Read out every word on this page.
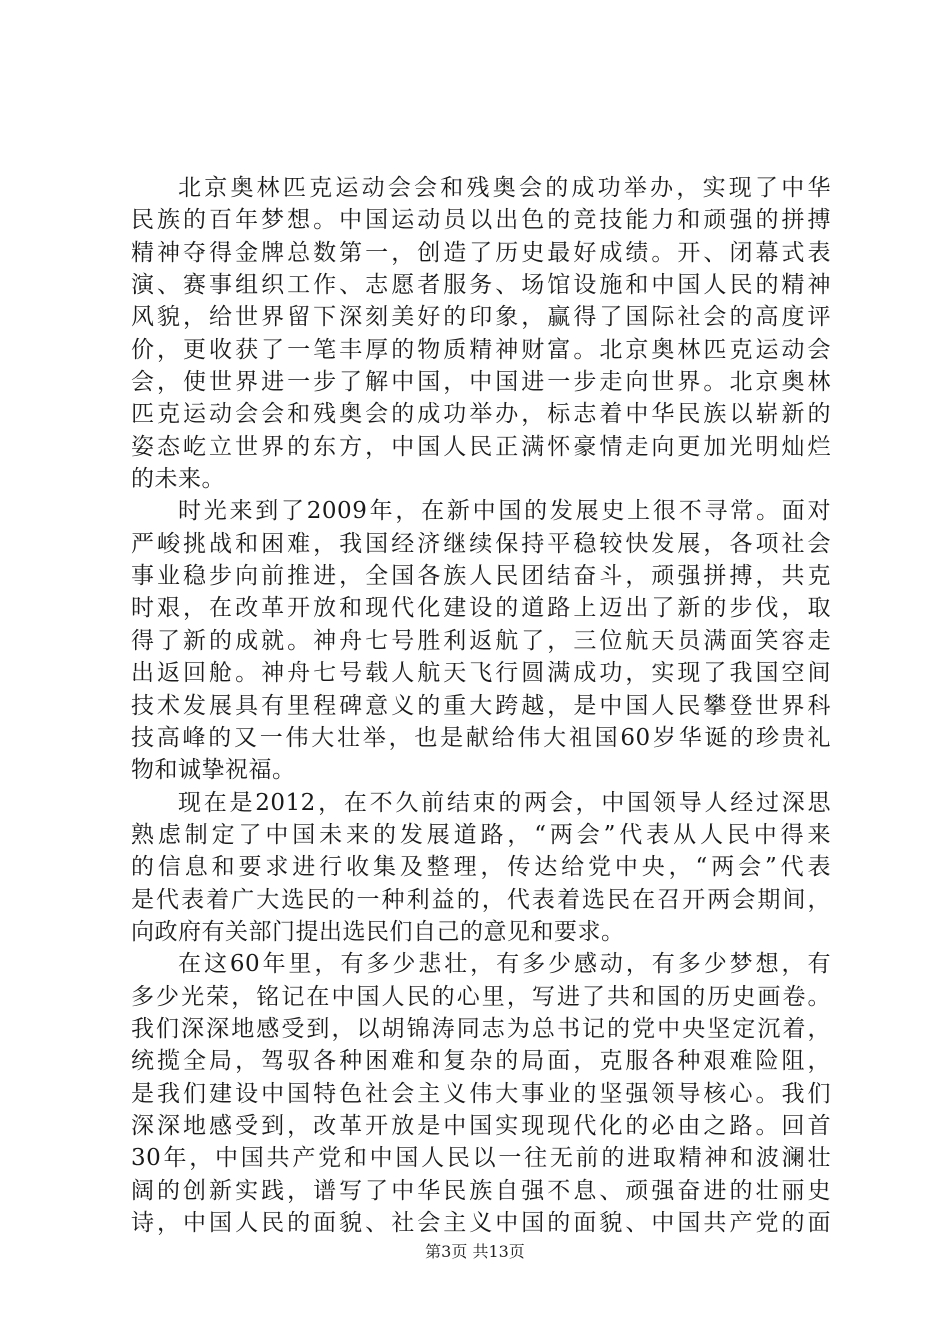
北京奥林匹克运动会会和残奥会的成功举办，实现了中华
民族的百年梦想。中国运动员以出色的竞技能力和顽强的拼搏
精神夺得金牌总数第一，创造了历史最好成绩。开、闭幕式表
演、赛事组织工作、志愿者服务、场馆设施和中国人民的精神
风貌，给世界留下深刻美好的印象，赢得了国际社会的高度评
价，更收获了一笔丰厚的物质精神财富。北京奥林匹克运动会
会，使世界进一步了解中国，中国进一步走向世界。北京奥林
匹克运动会会和残奥会的成功举办，标志着中华民族以崭新的
姿态屹立世界的东方，中国人民正满怀豪情走向更加光明灿烂
的未来。
时光来到了2009年，在新中国的发展史上很不寻常。面对
严峻挑战和困难，我国经济继续保持平稳较快发展，各项社会
事业稳步向前推进，全国各族人民团结奋斗，顽强拼搏，共克
时艰，在改革开放和现代化建设的道路上迈出了新的步伐，取
得了新的成就。神舟七号胜利返航了，三位航天员满面笑容走
出返回舱。神舟七号载人航天飞行圆满成功，实现了我国空间
技术发展具有里程碑意义的重大跨越，是中国人民攀登世界科
技高峰的又一伟大壮举，也是献给伟大祖国60岁华诞的珍贵礼
物和诚挚祝福。
现在是2012，在不久前结束的两会，中国领导人经过深思
熟虑制定了中国未来的发展道路，“两会”代表从人民中得来
的信息和要求进行收集及整理，传达给党中央，“两会”代表
是代表着广大选民的一种利益的，代表着选民在召开两会期间，
向政府有关部门提出选民们自己的意见和要求。
在这60年里，有多少悲壮，有多少感动，有多少梦想，有
多少光荣，铭记在中国人民的心里，写进了共和国的历史画卷。
我们深深地感受到，以胡锦涛同志为总书记的党中央坚定沉着，
统揽全局，驾驭各种困难和复杂的局面，克服各种艰难险阻，
是我们建设中国特色社会主义伟大事业的坚强领导核心。我们
深深地感受到，改革开放是中国实现现代化的必由之路。回首
30年，中国共产党和中国人民以一往无前的进取精神和波澜壮
阔的创新实践，谱写了中华民族自强不息、顽强奋进的壮丽史
诗，中国人民的面貌、社会主义中国的面貌、中国共产党的面
第3页 共13页
